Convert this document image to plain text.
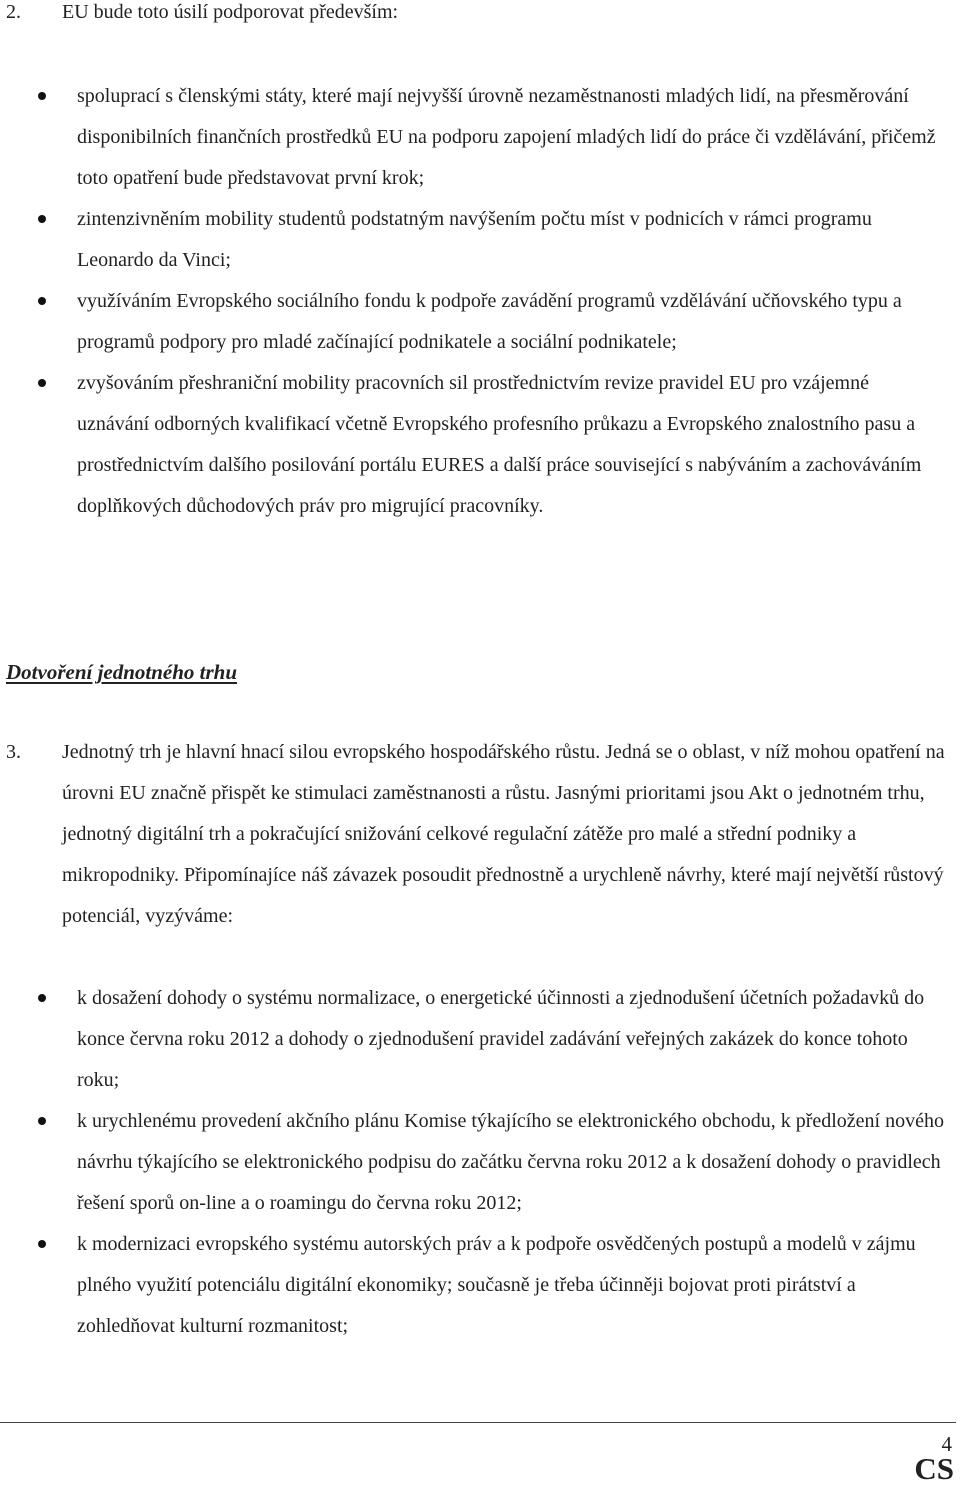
2.	EU bude toto úsilí podporovat především:

spoluprací s členskými státy, které mají nejvyšší úrovně nezaměstnanosti mladých lidí, na přesměrování disponibilních finančních prostředků EU na podporu zapojení mladých lidí do práce či vzdělávání, přičemž toto opatření bude představovat první krok;
zintenzivněním mobility studentů podstatným navýšením počtu míst v podnicích v rámci programu Leonardo da Vinci;
využíváním Evropského sociálního fondu k podpoře zavádění programů vzdělávání učňovského typu a programů podpory pro mladé začínající podnikatele a sociální podnikatele;
zvyšováním přeshraniční mobility pracovních sil prostřednictvím revize pravidel EU pro vzájemné uznávání odborných kvalifikací včetně Evropského profesního průkazu a Evropského znalostního pasu a prostřednictvím dalšího posilování portálu EURES a další práce související s nabýváním a zachováváním doplňkových důchodových práv pro migrující pracovníky.
Dotvoření jednotného trhu

3.	Jednotný trh je hlavní hnací silou evropského hospodářského růstu. Jedná se o oblast, v níž mohou opatření na úrovni EU značně přispět ke stimulaci zaměstnanosti a růstu. Jasnými prioritami jsou Akt o jednotném trhu, jednotný digitální trh a pokračující snižování celkové regulační zátěže pro malé a střední podniky a mikropodniky. Připomínajíce náš závazek posoudit přednostně a urychleně návrhy, které mají největší růstový potenciál, vyzýváme:

k dosažení dohody o systému normalizace, o energetické účinnosti a zjednodušení účetních požadavků do konce června roku 2012 a dohody o zjednodušení pravidel zadávání veřejných zakázek do konce tohoto roku;
k urychlenému provedení akčního plánu Komise týkajícího se elektronického obchodu, k předložení nového návrhu týkajícího se elektronického podpisu do začátku června roku 2012 a k dosažení dohody o pravidlech řešení sporů on-line a o roamingu do června roku 2012;
k modernizaci evropského systému autorských práv a k podpoře osvědčených postupů a modelů v zájmu plného využití potenciálu digitální ekonomiky; současně je třeba účinněji bojovat proti pirátství a zohledňovat kulturní rozmanitost;
4
CS
